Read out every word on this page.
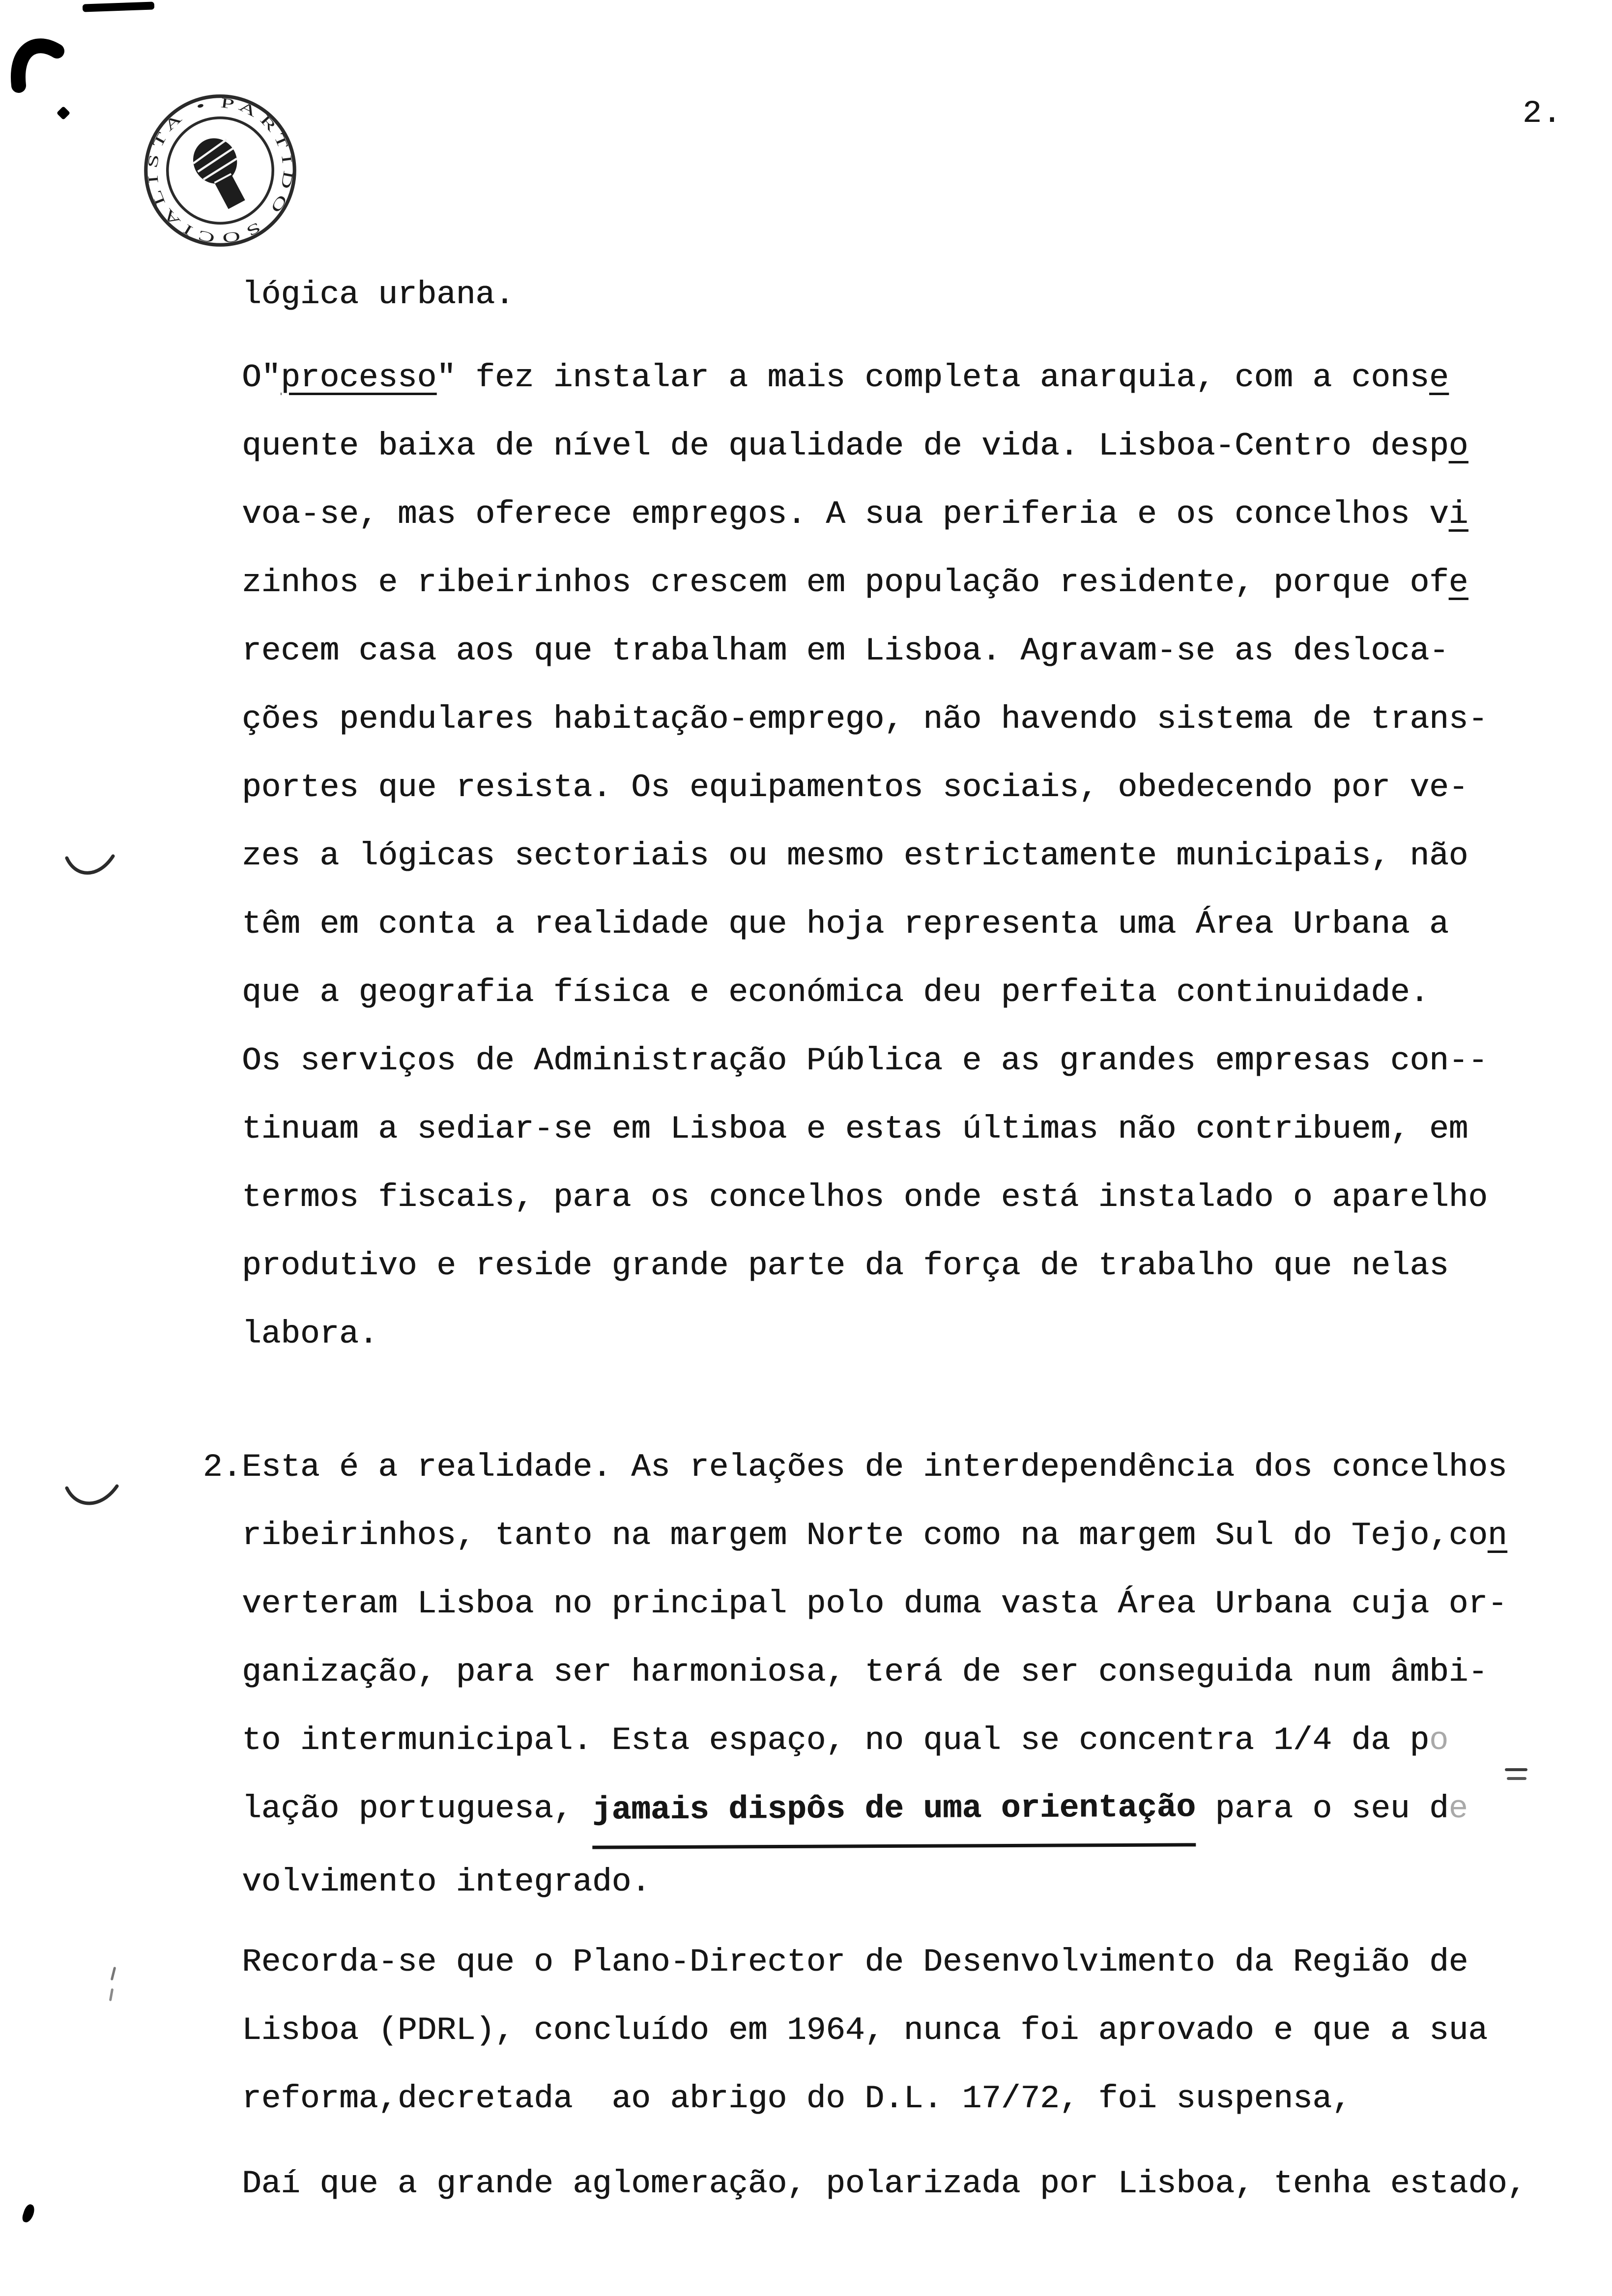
PARTIDO SOCIALISTA •	2.
lógica urbana.
O"processo" fez instalar a mais completa anarquia, com a conse
quente baixa de nível de qualidade de vida. Lisboa-Centro despo
voa-se, mas oferece empregos. A sua periferia e os concelhos vi
zinhos e ribeirinhos crescem em população residente, porque ofe
recem casa aos que trabalham em Lisboa. Agravam-se as desloca-
ções pendulares habitação-emprego, não havendo sistema de trans-
portes que resista. Os equipamentos sociais, obedecendo por ve-
zes a lógicas sectoriais ou mesmo estrictamente municipais, não
têm em conta a realidade que hoja representa uma Área Urbana a
que a geografia física e económica deu perfeita continuidade.
Os serviços de Administração Pública e as grandes empresas con--
tinuam a sediar-se em Lisboa e estas últimas não contribuem, em
termos fiscais, para os concelhos onde está instalado o aparelho
produtivo e reside grande parte da força de trabalho que nelas
labora.
2.Esta é a realidade. As relações de interdependência dos concelhos
ribeirinhos, tanto na margem Norte como na margem Sul do Tejo,con
verteram Lisboa no principal polo duma vasta Área Urbana cuja or-
ganização, para ser harmoniosa, terá de ser conseguida num âmbi-
to intermunicipal. Esta espaço, no qual se concentra 1/4 da po
lação portuguesa, jamais dispôs de uma orientação para o seu de
volvimento integrado.
Recorda-se que o Plano-Director de Desenvolvimento da Região de
Lisboa (PDRL), concluído em 1964, nunca foi aprovado e que a sua
reforma,decretada  ao abrigo do D.L. 17/72, foi suspensa,
Daí que a grande aglomeração, polarizada por Lisboa, tenha estado,
